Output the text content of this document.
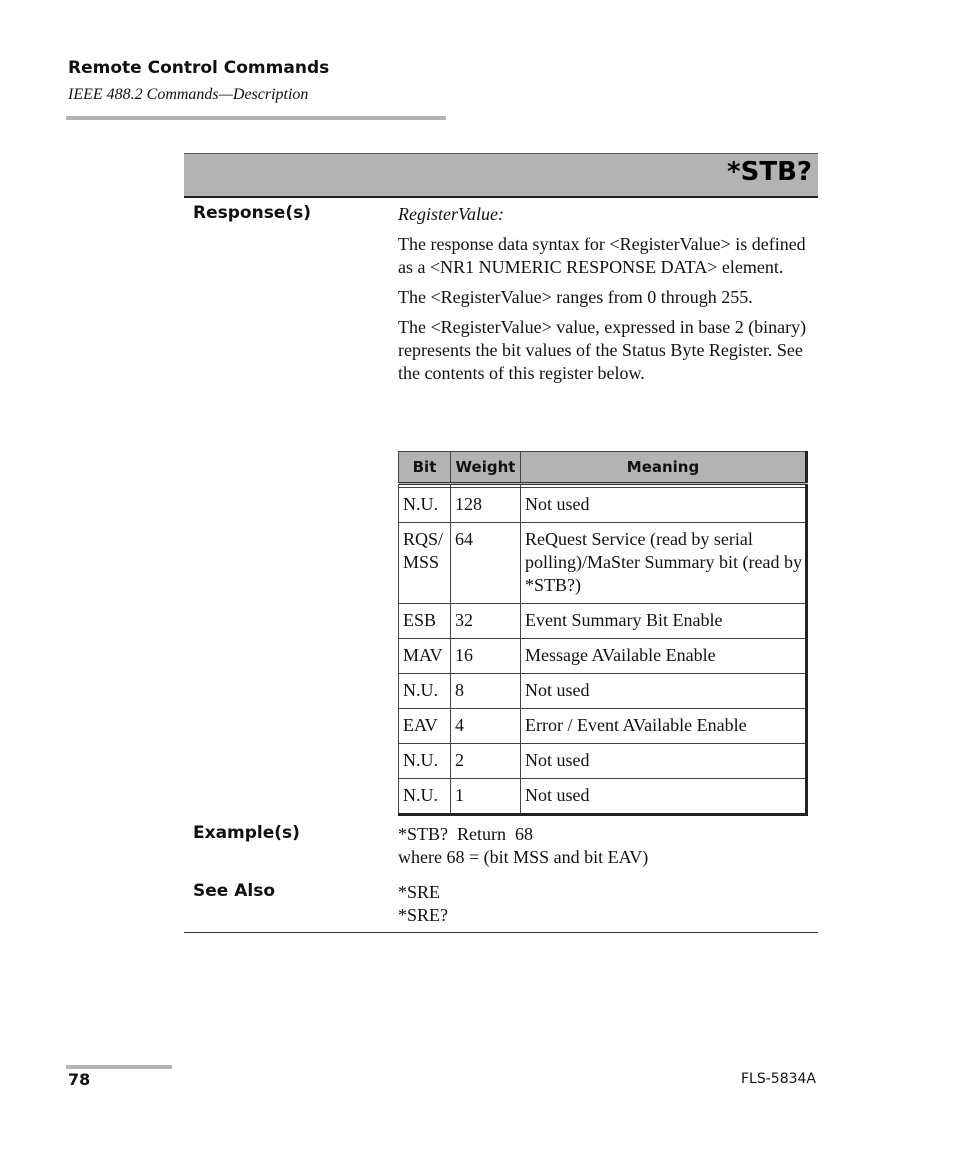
Remote Control Commands
IEEE 488.2 Commands—Description
*STB?
Response(s)	RegisterValue:

The response data syntax for <RegisterValue> is defined as a <NR1 NUMERIC RESPONSE DATA> element.

The <RegisterValue> ranges from 0 through 255.

The <RegisterValue> value, expressed in base 2 (binary) represents the bit values of the Status Byte Register. See the contents of this register below.

Bit	Weight	Meaning

N.U.	128	Not used
RQS/
MSS	64	ReQuest Service (read by serial polling)/MaSter Summary bit (read by *STB?)
ESB	32	Event Summary Bit Enable
MAV	16	Message AVailable Enable
N.U.	8	Not used
EAV	4	Error / Event AVailable Enable
N.U.	2	Not used
N.U.	1	Not used
Example(s)	*STB?  Return  68
where 68 = (bit MSS and bit EAV)
See Also	*SRE
*SRE?
78	FLS-5834A
